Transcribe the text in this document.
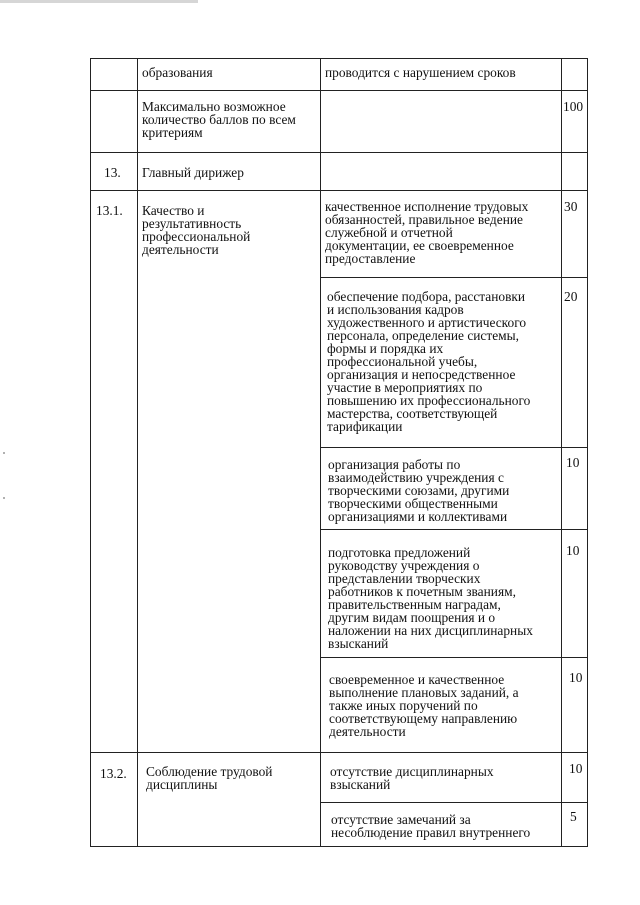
образования	проводится с нарушением сроков
Максимально возможное
количество баллов по всем
критериям
100
13. Главный дирижер
13.1. Качество и
результативность
профессиональной
деятельности
качественное исполнение трудовых
обязанностей, правильное ведение
служебной и отчетной
документации, ее своевременное
предоставление
30
обеспечение подбора, расстановки
и использования кадров
художественного и артистического
персонала, определение системы,
формы и порядка их
профессиональной учебы,
организация и непосредственное
участие в мероприятиях по
повышению их профессионального
мастерства, соответствующей
тарификации
20
организация работы по
взаимодействию учреждения с
творческими союзами, другими
творческими общественными
организациями и коллективами
10
подготовка предложений
руководству учреждения о
представлении творческих
работников к почетным званиям,
правительственным наградам,
другим видам поощрения и о
наложении на них дисциплинарных
взысканий
10
своевременное и качественное
выполнение плановых заданий, а
также иных поручений по
соответствующему направлению
деятельности
10
13.2. Соблюдение трудовой
дисциплины
отсутствие дисциплинарных
взысканий
10
отсутствие замечаний за
несоблюдение правил внутреннего
5
